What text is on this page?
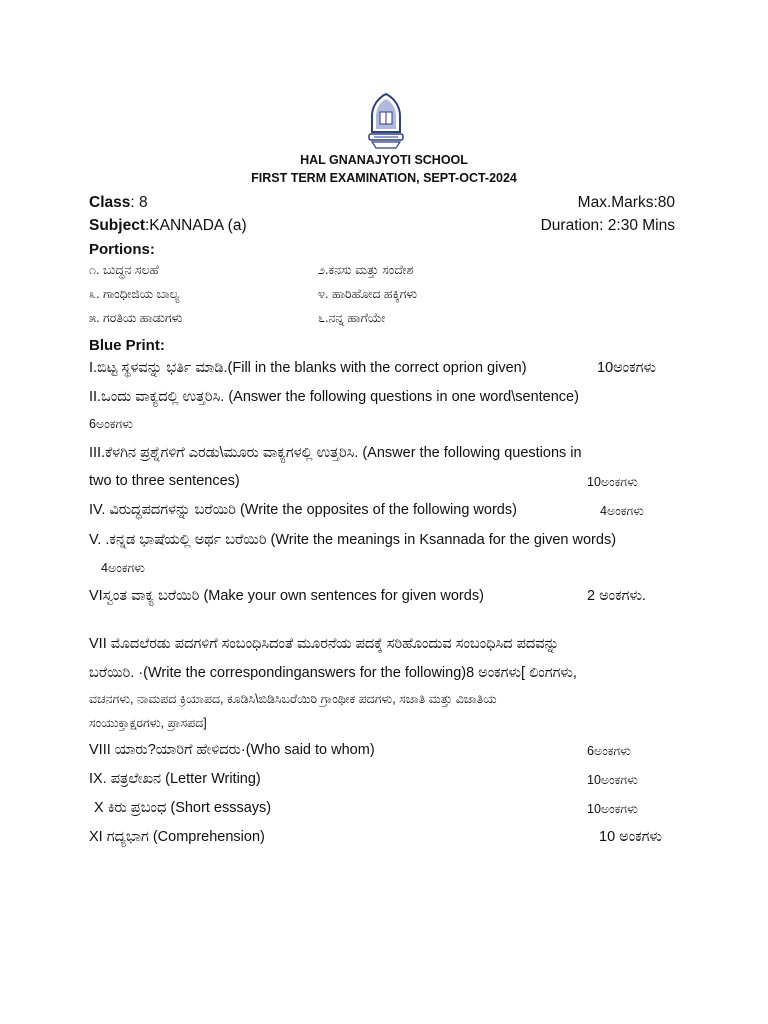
HAL GNANAJYOTI SCHOOL
FIRST TERM EXAMINATION, SEPT-OCT-2024
Class: 8	Max.Marks:80
Subject:KANNADA (a)	Duration: 2:30 Mins
Portions:
೧. ಬುದ್ಧನ ಸಲಹೆ	೨.ಕನಸು ಮತ್ತು ಸಂದೇಶ
೩. ಗಾಂಧೀಜಿಯ ಬಾಲ್ಯ	೪. ಹಾರಿಹೋದ ಹಕ್ಕಿಗಳು
೫. ಗರತಿಯ ಹಾಡುಗಳು	೬.ನನ್ನ ಹಾಗೆಯೇ
Blue Print:
I.ಬಿಟ್ಟ ಸ್ಥಳವನ್ನು ಭರ್ತಿ ಮಾಡಿ.(Fill in the blanks with the correct oprion given)	10ಅಂಕಗಳು
II.ಒಂದು ವಾಕ್ಯದಲ್ಲಿ ಉತ್ತರಿಸಿ. (Answer the following questions in one word\sentence)
6ಅಂಕಗಳು
III.ಕೆಳಗಿನ ಪ್ರಶ್ನೆಗಳಿಗೆ ಎರಡು\ಮೂರು ವಾಕ್ಯಗಳಲ್ಲಿ ಉತ್ತರಿಸಿ. (Answer the following questions in
two to three sentences)	10ಅಂಕಗಳು
IV. ವಿರುದ್ಧಪದಗಳನ್ನು ಬರೆಯಿರಿ (Write the opposites of the following words)	4ಅಂಕಗಳು
V. .ಕನ್ನಡ ಭಾಷೆಯಲ್ಲಿ ಅರ್ಥ ಬರೆಯಿರಿ (Write the meanings in Ksannada for the given words)
4ಅಂಕಗಳು
VIಸ್ವಂತ ವಾಕ್ಯ ಬರೆಯಿರಿ (Make your own sentences for given words)	2 ಅಂಕಗಳು.
VII ಮೊದಲೆರಡು ಪದಗಳಿಗೆ ಸಂಬಂಧಿಸಿದಂತೆ ಮೂರನೆಯ ಪದಕ್ಕೆ ಸರಿಹೊಂದುವ ಸಂಬಂಧಿಸಿದ ಪದವನ್ನು
ಬರೆಯಿರಿ. ·(Write the correspondinganswers for the following)8 ಅಂಕಗಳು[ ಲಿಂಗಗಳು,
ವಚನಗಳು, ನಾಮಪದ ಕ್ರಿಯಾಪದ, ಕೂಡಿಸಿ\ಬಿಡಿಸಿಬರೆಯಿರಿ ಗ್ರಾಂಥೀಕ ಪದಗಳು, ಸಜಾತಿ ಮತ್ತು ವಿಜಾತಿಯ
ಸಂಯುಕ್ತಾಕ್ಷರಗಳು, ಪ್ರಾಸಪದ]
VIII ಯಾರು?ಯಾರಿಗೆ ಹೇಳಿದರು·(Who said to whom)	6ಅಂಕಗಳು
IX. ಪತ್ರಲೇಖನ (Letter Writing)	10ಅಂಕಗಳು
X ಕಿರು ಪ್ರಬಂಧ (Short esssays)	10ಅಂಕಗಳು
XI ಗದ್ಯಭಾಗ (Comprehension)	10 ಅಂಕಗಳು
